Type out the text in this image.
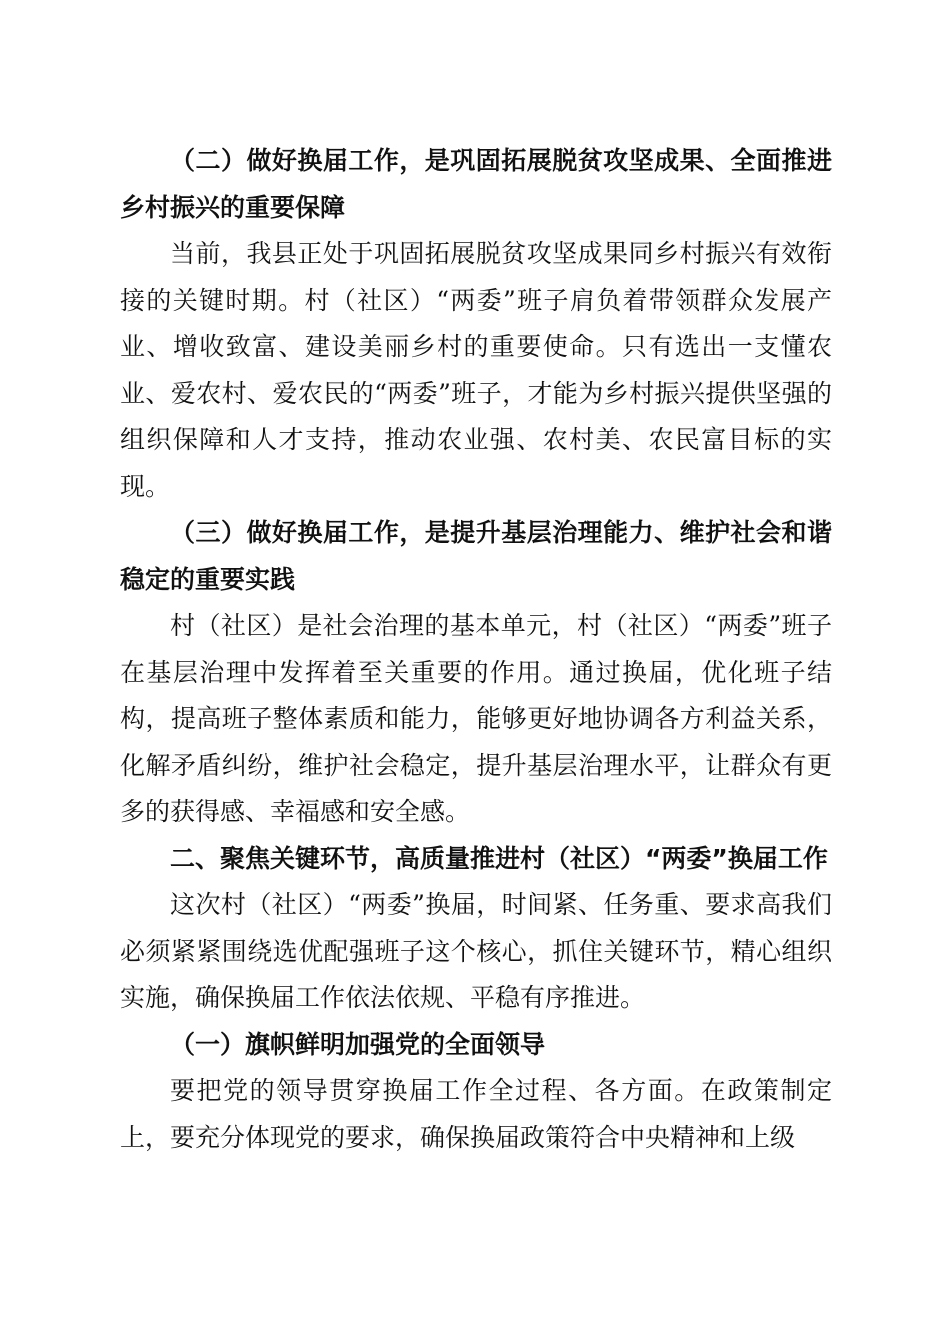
（二）做好换届工作，是巩固拓展脱贫攻坚成果、全面推进乡村振兴的重要保障

当前，我县正处于巩固拓展脱贫攻坚成果同乡村振兴有效衔接的关键时期。村（社区）“两委”班子肩负着带领群众发展产业、增收致富、建设美丽乡村的重要使命。只有选出一支懂农业、爱农村、爱农民的“两委”班子，才能为乡村振兴提供坚强的组织保障和人才支持，推动农业强、农村美、农民富目标的实现。

（三）做好换届工作，是提升基层治理能力、维护社会和谐稳定的重要实践

村（社区）是社会治理的基本单元，村（社区）“两委”班子在基层治理中发挥着至关重要的作用。通过换届，优化班子结构，提高班子整体素质和能力，能够更好地协调各方利益关系，化解矛盾纠纷，维护社会稳定，提升基层治理水平，让群众有更多的获得感、幸福感和安全感。

二、聚焦关键环节，高质量推进村（社区）“两委”换届工作

这次村（社区）“两委”换届，时间紧、任务重、要求高我们必须紧紧围绕选优配强班子这个核心，抓住关键环节，精心组织实施，确保换届工作依法依规、平稳有序推进。

（一）旗帜鲜明加强党的全面领导

要把党的领导贯穿换届工作全过程、各方面。在政策制定上，要充分体现党的要求，确保换届政策符合中央精神和上级
